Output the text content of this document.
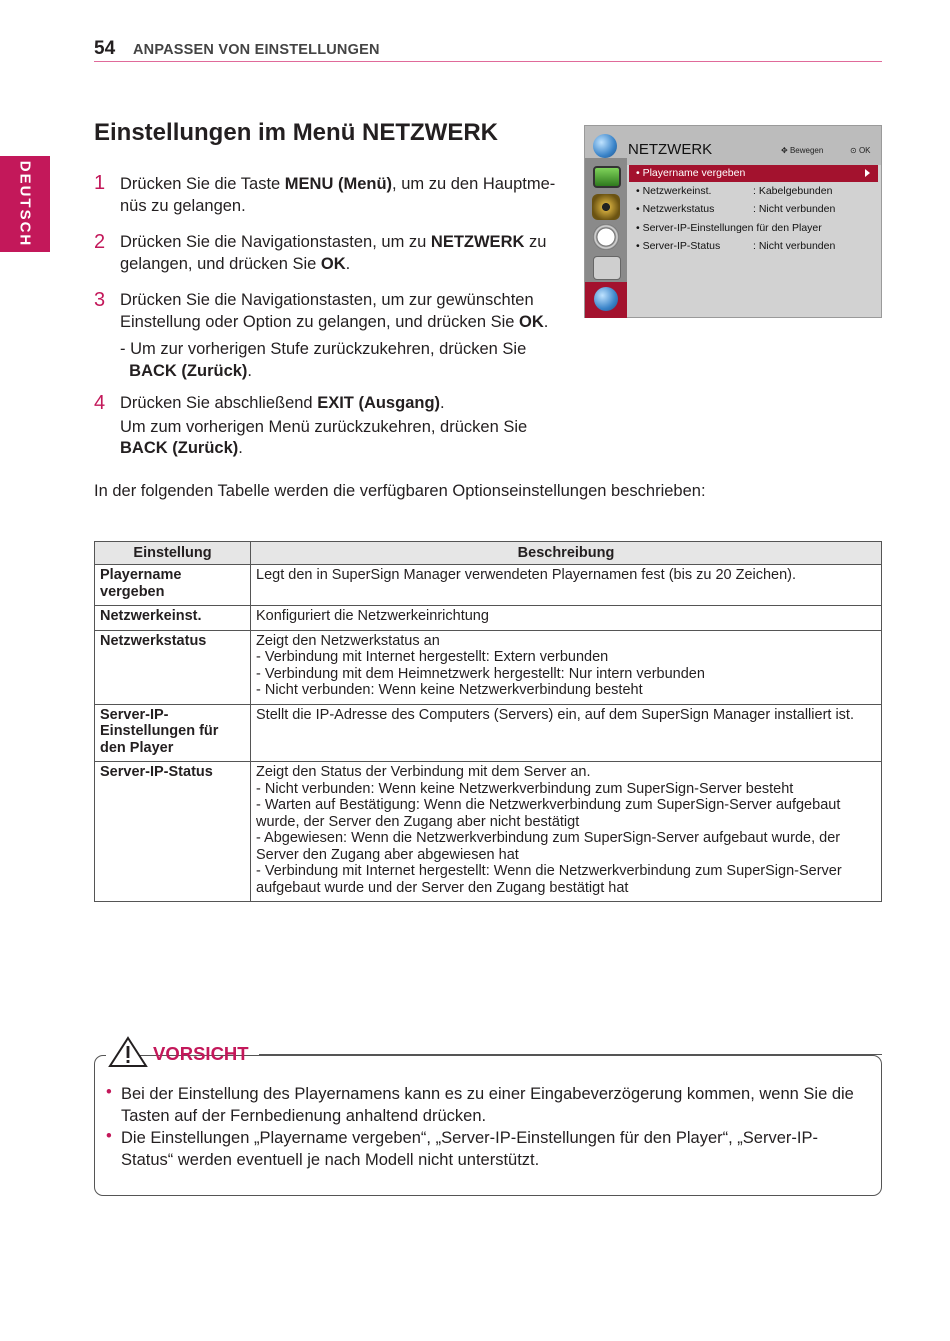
54 ANPASSEN VON EINSTELLUNGEN
DEUTSCH
Einstellungen im Menü NETZWERK
1 Drücken Sie die Taste MENU (Menü), um zu den Hauptme-
nüs zu gelangen.
2 Drücken Sie die Navigationstasten, um zu NETZWERK zu
gelangen, und drücken Sie OK.
3 Drücken Sie die Navigationstasten, um zur gewünschten
Einstellung oder Option zu gelangen, und drücken Sie OK.
- Um zur vorherigen Stufe zurückzukehren, drücken Sie
BACK (Zurück).
4 Drücken Sie abschließend EXIT (Ausgang).
Um zum vorherigen Menü zurückzukehren, drücken Sie
BACK (Zurück).
In der folgenden Tabelle werden die verfügbaren Optionseinstellungen beschrieben:
NETZWERK	✥ Bewegen	⊙ OK
• Playername vergeben
• Netzwerkeinst.	: Kabelgebunden
• Netzwerkstatus	: Nicht verbunden
• Server-IP-Einstellungen für den Player
• Server-IP-Status	: Nicht verbunden
Einstellung	Beschreibung
Playername vergeben	Legt den in SuperSign Manager verwendeten Playernamen fest (bis zu 20 Zeichen).

Netzwerkeinst.	Konfiguriert die Netzwerkeinrichtung

Netzwerkstatus	Zeigt den Netzwerkstatus an
- Verbindung mit Internet hergestellt: Extern verbunden
- Verbindung mit dem Heimnetzwerk hergestellt: Nur intern verbunden
- Nicht verbunden: Wenn keine Netzwerkverbindung besteht

Server-IP-Einstellungen für den Player	Stellt die IP-Adresse des Computers (Servers) ein, auf dem SuperSign Manager installiert ist.

Server-IP-Status	Zeigt den Status der Verbindung mit dem Server an.
- Nicht verbunden: Wenn keine Netzwerkverbindung zum SuperSign-Server besteht
- Warten auf Bestätigung: Wenn die Netzwerkverbindung zum SuperSign-Server aufgebaut wurde, der Server den Zugang aber nicht bestätigt
- Abgewiesen: Wenn die Netzwerkverbindung zum SuperSign-Server aufgebaut wurde, der Server den Zugang aber abgewiesen hat
- Verbindung mit Internet hergestellt: Wenn die Netzwerkverbindung zum SuperSign-Server aufgebaut wurde und der Server den Zugang bestätigt hat
VORSICHT
• Bei der Einstellung des Playernamens kann es zu einer Eingabeverzögerung kommen, wenn Sie die Tasten auf der Fernbedienung anhaltend drücken.
• Die Einstellungen „Playername vergeben“, „Server-IP-Einstellungen für den Player“, „Server-IP-Status“ werden eventuell je nach Modell nicht unterstützt.
